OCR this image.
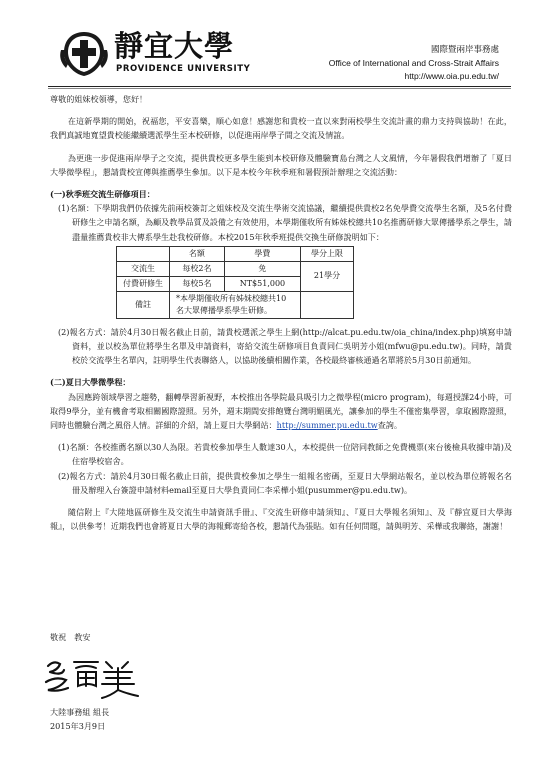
靜宜大學
PROVIDENCE UNIVERSITY
國際暨兩岸事務處
Office of International and Cross-Strait Affairs
http://www.oia.pu.edu.tw/

尊敬的姐妹校領導，您好！

在這新學期的開始，祝福您，平安喜樂，順心如意！感謝您和貴校一直以來對兩校學生交流計畫的鼎力支持與協助！在此，我們真誠地寬望貴校能繼續選派學生至本校研修，以促進兩岸學子間之交流及情誼。

為更進一步促進兩岸學子之交流，提供貴校更多學生能到本校研修及體驗寶島台灣之人文風情，今年暑假我們增辦了「夏日大學微學程」，懇請貴校宣傳與推薦學生參加。以下是本校今年秋季班和暑假預計辦理之交流活動：

(一)秋季班交流生研修項目：

(1)名額：下學期我們仍依據先前兩校簽訂之姐妹校及交流生學術交流協議，繼續提供貴校2名免學費交流學生名額，及5名付費研修生之申請名額，為顧及教學品質及設備之有效使用，本學期僅收所有姊妹校總共10名推薦研修大眾傳播學系之學生，請盡量推薦貴校非大傳系學生赴我校研修。本校2015年秋季班提供交換生研修說明如下：

	名額	學費	學分上限
交流生	每校2名	免	21學分
付費研修生	每校5名	NT$51,000	
備註	*本學期僅收所有姊妹校總共10名大眾傳播學系學生研修。		

(2)報名方式：請於4月30日報名截止日前，請貴校選派之學生上網(http://alcat.pu.edu.tw/oia_china/index.php)填寫申請資料，並以校為單位將學生名單及申請資料，寄給交流生研修項目負責同仁吳明芳小姐(mfwu@pu.edu.tw)。同時，請貴校於交流學生名單內，註明學生代表聯絡人，以協助後續相關作業，各校最終審核通過名單將於5月30日前通知。

(二)夏日大學微學程：

為因應跨領域學習之趨勢，翻轉學習新視野，本校推出各學院最具吸引力之微學程(micro program)，每週授課24小時，可取得9學分，並有機會考取相關國際證照。另外，週末期間安排飽覽台灣明媚風光，讓參加的學生不僅密集學習，拿取國際證照，同時也體驗台灣之風俗人情。詳細的介紹，請上夏日大學網站：http://summer.pu.edu.tw查詢。

(1)名額：各校推薦名額以30人為限。若貴校參加學生人數達30人，本校提供一位陪同教師之免費機票(來台後檢具收據申請)及住宿學校宿舍。

(2)報名方式：請於4月30日報名截止日前，提供貴校參加之學生一組報名密碼，至夏日大學網站報名，並以校為單位將報名名冊及辦理入台簽證申請材料email至夏日大學負責同仁李采樺小姐(pusummer@pu.edu.tw)。

隨信附上『大陸地區研修生及交流生申請資訊手冊』、『交流生研修申請須知』、『夏日大學報名須知』、及『靜宜夏日大學海報』，以供參考！近期我們也會將夏日大學的海報郵寄給各校，懇請代為張貼。如有任何問題，請與明芳、采樺或我聯絡，謝謝！

敬祝　教安
大陸事務組 組長
2015年3月9日
